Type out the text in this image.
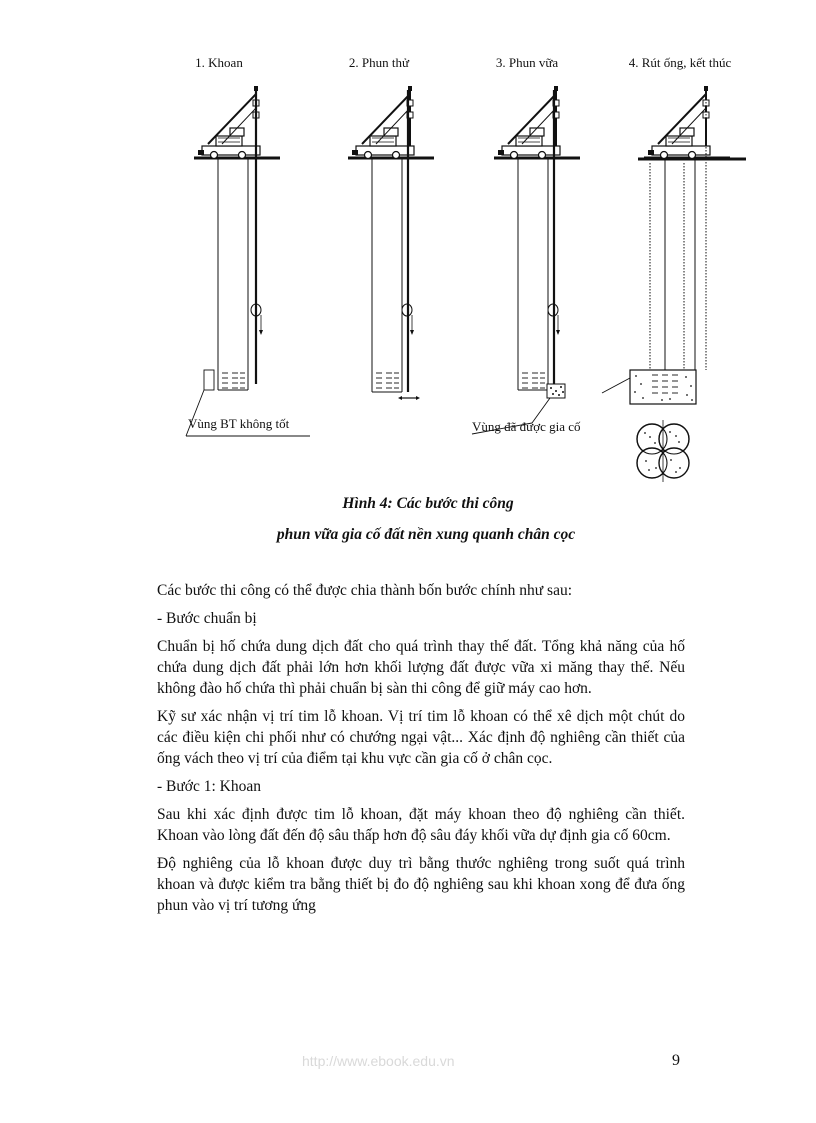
1. Khoan	2. Phun thử	3. Phun vữa	4. Rút ống, kết thúc
Vùng BT không tốt	Vùng đã được gia cố
Hình 4: Các bước thi công
phun vữa gia cố đất nền xung quanh chân cọc

Các bước thi công có thể được chia thành bốn bước chính như sau:

- Bước chuẩn bị

Chuẩn bị hố chứa dung dịch đất cho quá trình thay thế đất. Tổng khả năng của hố chứa dung dịch đất phải lớn hơn khối lượng đất được vữa xi măng thay thế. Nếu không đào hố chứa thì phải chuẩn bị sàn thi công để giữ máy cao hơn.

Kỹ sư xác nhận vị trí tim lỗ khoan. Vị trí tim lỗ khoan có thể xê dịch một chút do các điều kiện chi phối như có chướng ngại vật... Xác định độ nghiêng cần thiết của ống vách theo vị trí của điểm tại khu vực cần gia cố ở chân cọc.

- Bước 1: Khoan

Sau khi xác định được tim lỗ khoan, đặt máy khoan theo độ nghiêng cần thiết. Khoan vào lòng đất đến độ sâu thấp hơn độ sâu đáy khối vữa dự định gia cố 60cm.

Độ nghiêng của lỗ khoan được duy trì bằng thước nghiêng trong suốt quá trình khoan và được kiểm tra bằng thiết bị đo độ nghiêng sau khi khoan xong để đưa ống phun vào vị trí tương ứng

http://www.ebook.edu.vn	9
